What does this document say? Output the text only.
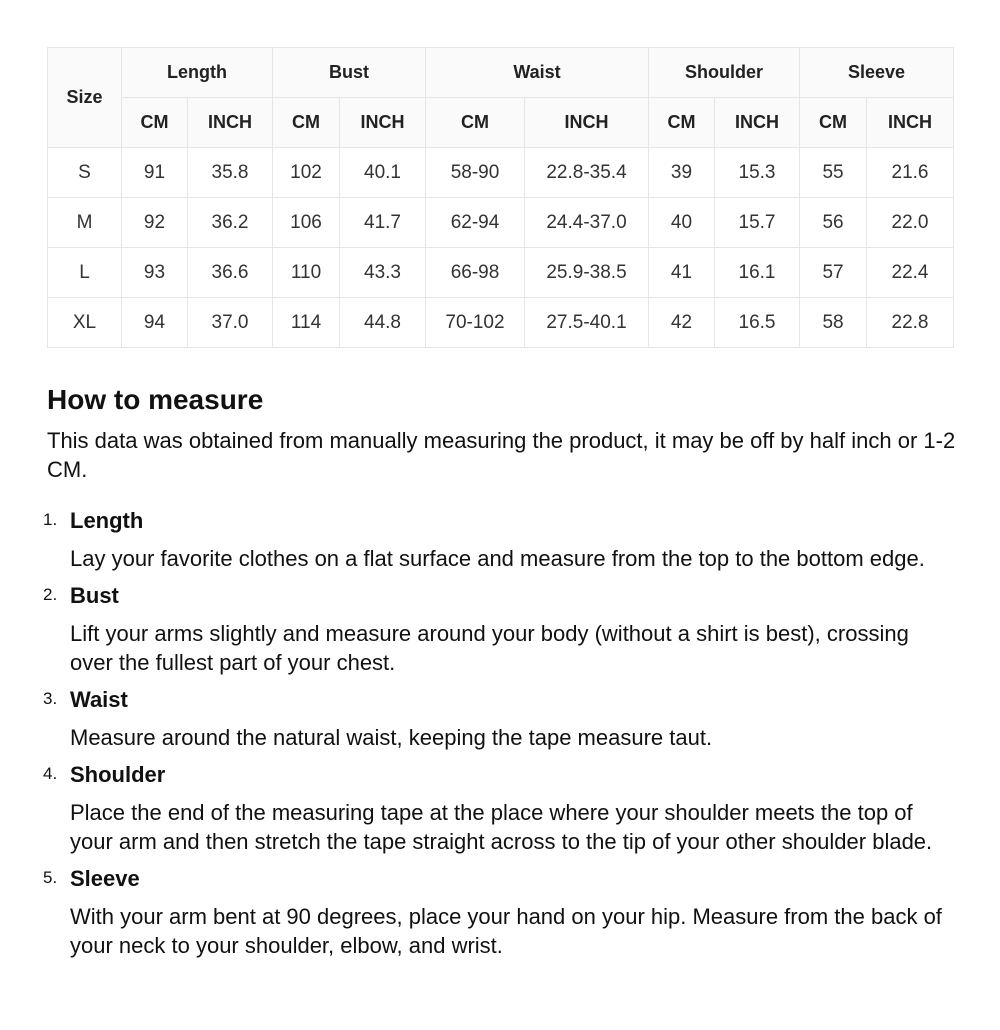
Size	Length		Bust		Waist		Shoulder		Sleeve	
	CM	INCH	CM	INCH	CM	INCH	CM	INCH	CM	INCH
S	91	35.8	102	40.1	58-90	22.8-35.4	39	15.3	55	21.6
M	92	36.2	106	41.7	62-94	24.4-37.0	40	15.7	56	22.0
L	93	36.6	110	43.3	66-98	25.9-38.5	41	16.1	57	22.4
XL	94	37.0	114	44.8	70-102	27.5-40.1	42	16.5	58	22.8
How to measure

This data was obtained from manually measuring the product, it may be off by half inch or 1-2 CM.

1. Length

Lay your favorite clothes on a flat surface and measure from the top to the bottom edge.

2. Bust

Lift your arms slightly and measure around your body (without a shirt is best), crossing over the fullest part of your chest.

3. Waist

Measure around the natural waist, keeping the tape measure taut.

4. Shoulder

Place the end of the measuring tape at the place where your shoulder meets the top of your arm and then stretch the tape straight across to the tip of your other shoulder blade.

5. Sleeve

With your arm bent at 90 degrees, place your hand on your hip. Measure from the back of your neck to your shoulder, elbow, and wrist.
